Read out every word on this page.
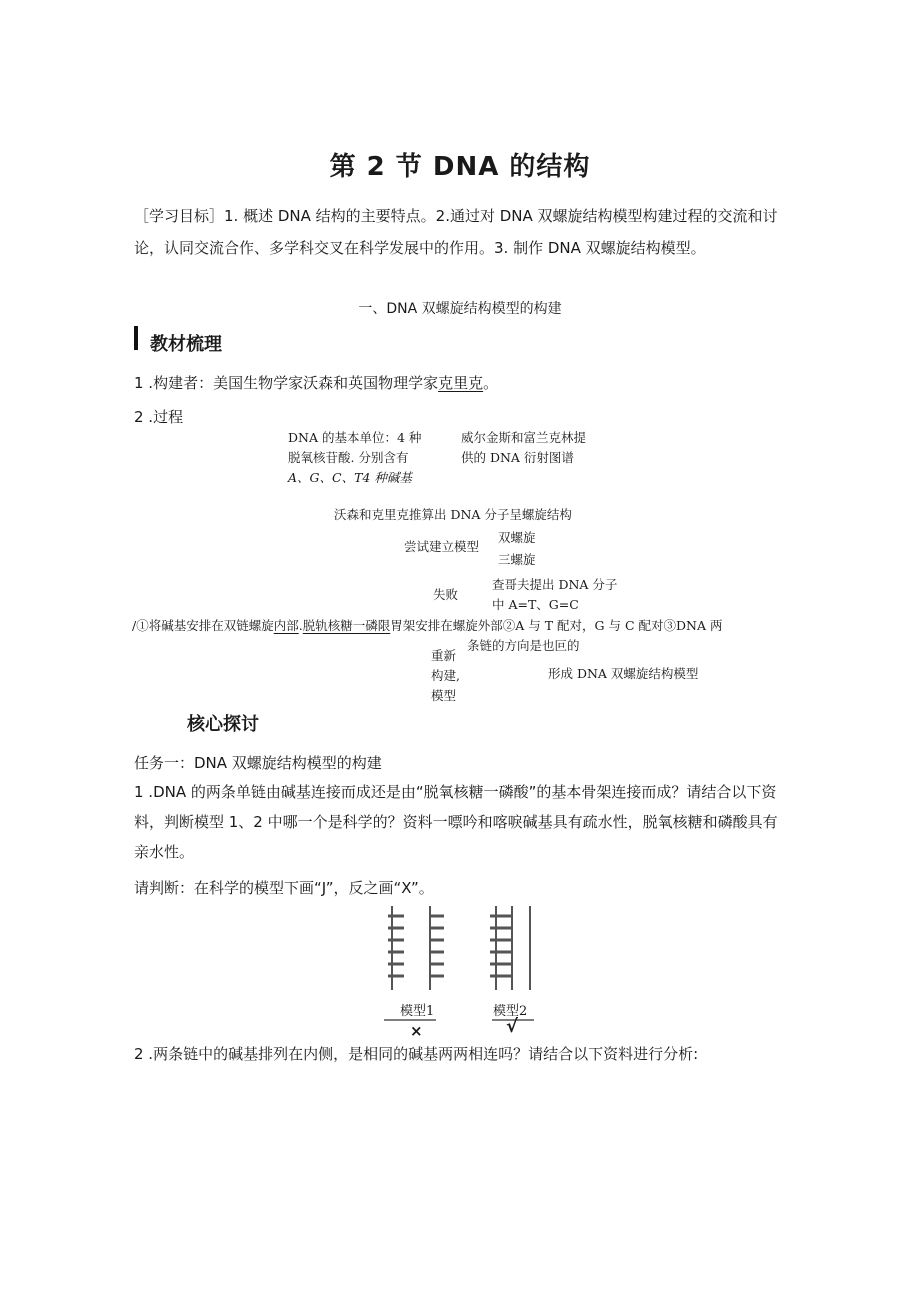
第 2 节 DNA 的结构
［学习目标］1. 概述 DNA 结构的主要特点。2.通过对 DNA 双螺旋结构模型构建过程的交流和讨论，认同交流合作、多学科交叉在科学发展中的作用。3. 制作 DNA 双螺旋结构模型。
一、DNA 双螺旋结构模型的构建
教材梳理
1 .构建者：美国生物学家沃森和英国物理学家克里克。
2 .过程
DNA 的基本单位：4 种
脱氧核苷酸. 分别含有
A、G、C、T4 种碱基
威尔金斯和富兰克林提
供的 DNA 衍射图谱
沃森和克里克推算出 DNA 分子呈螺旋结构
尝试建立模型
双螺旋
三螺旋
失败
查哥夫提出 DNA 分子
中 A=T、G=C
/①将碱基安排在双链螺旋内部.脱轨核糖一磷限胃架安排在螺旋外部②A 与 T 配对，G 与 C 配对③DNA 两
条链的方向是也叵的
重新
构建,
模型
形成 DNA 双螺旋结构模型
核心探讨
任务一：DNA 双螺旋结构模型的构建
1 .DNA 的两条单链由碱基连接而成还是由“脱氧核糖一磷酸”的基本骨架连接而成？请结合以下资料，判断模型 1、2 中哪一个是科学的？资料一嘌吟和喀唳碱基具有疏水性，脱氧核糖和磷酸具有亲水性。
请判断：在科学的模型下画“J”，反之画“X”。
模型1	模型2
×	√
2 .两条链中的碱基排列在内侧，是相同的碱基两两相连吗？请结合以下资料进行分析:
